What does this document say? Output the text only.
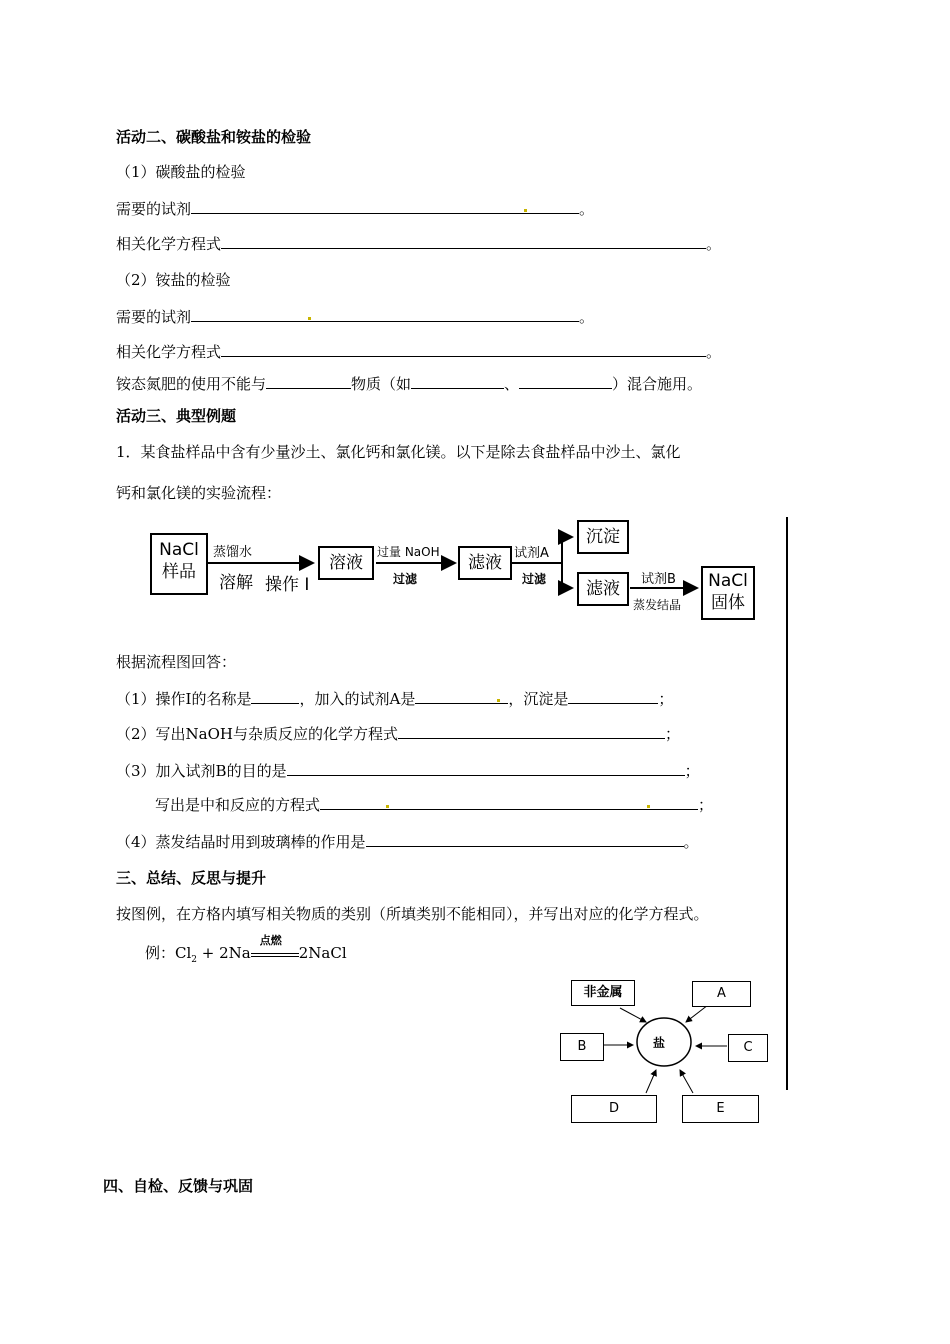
活动二、碳酸盐和铵盐的检验
（1）碳酸盐的检验
需要的试剂	。
相关化学方程式	。
（2）铵盐的检验
需要的试剂	。
相关化学方程式	。
铵态氮肥的使用不能与	物质（如	、	）混合施用。
活动三、典型例题
1．某食盐样品中含有少量沙土、氯化钙和氯化镁。以下是除去食盐样品中沙土、氯化
钙和氯化镁的实验流程：
NaCl
样品
蒸馏水
溶解 操作 I
溶液
过量 NaOH
过滤
滤液 试剂A
过滤
沉淀
滤液	试剂B
蒸发结晶
NaCl
固体
根据流程图回答：
（1）操作Ⅰ的名称是	，加入的试剂A是	，沉淀是	；
（2）写出NaOH与杂质反应的化学方程式	；
（3）加入试剂B的目的是	；
写出是中和反应的方程式	；
（4）蒸发结晶时用到玻璃棒的作用是	。
三、总结、反思与提升
按图例，在方格内填写相关物质的类别（所填类别不能相同），并写出对应的化学方程式。
例：$Cl_2 + 2Na$
点燃
2NaCl
盐
非金属	A
B	C
D	E
四、自检、反馈与巩固
